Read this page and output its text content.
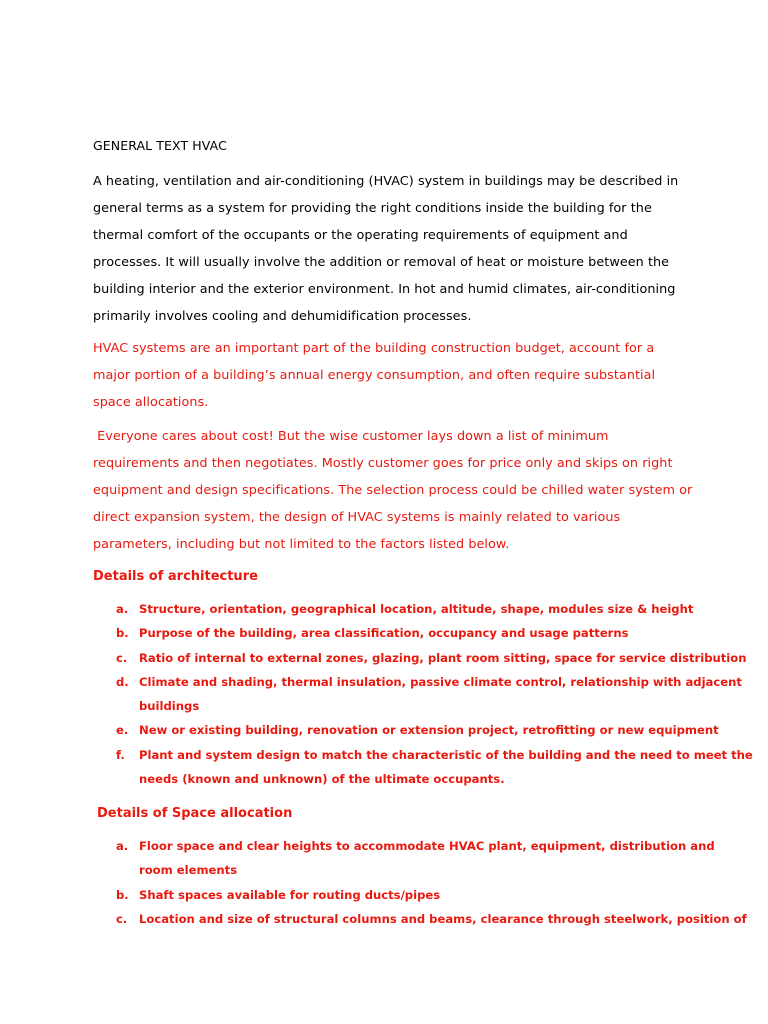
GENERAL TEXT HVAC
A heating, ventilation and air-conditioning (HVAC) system in buildings may be described in
general terms as a system for providing the right conditions inside the building for the
thermal comfort of the occupants or the operating requirements of equipment and
processes. It will usually involve the addition or removal of heat or moisture between the
building interior and the exterior environment. In hot and humid climates, air-conditioning
primarily involves cooling and dehumidification processes.
HVAC systems are an important part of the building construction budget, account for a
major portion of a building’s annual energy consumption, and often require substantial
space allocations.
Everyone cares about cost! But the wise customer lays down a list of minimum
requirements and then negotiates. Mostly customer goes for price only and skips on right
equipment and design specifications. The selection process could be chilled water system or
direct expansion system, the design of HVAC systems is mainly related to various
parameters, including but not limited to the factors listed below.
Details of architecture
a. Structure, orientation, geographical location, altitude, shape, modules size & height
b. Purpose of the building, area classification, occupancy and usage patterns
c. Ratio of internal to external zones, glazing, plant room sitting, space for service distribution
d. Climate and shading, thermal insulation, passive climate control, relationship with adjacent
buildings
e. New or existing building, renovation or extension project, retrofitting or new equipment
f. Plant and system design to match the characteristic of the building and the need to meet the
needs (known and unknown) of the ultimate occupants.
Details of Space allocation
a. Floor space and clear heights to accommodate HVAC plant, equipment, distribution and
room elements
b. Shaft spaces available for routing ducts/pipes
c. Location and size of structural columns and beams, clearance through steelwork, position of
